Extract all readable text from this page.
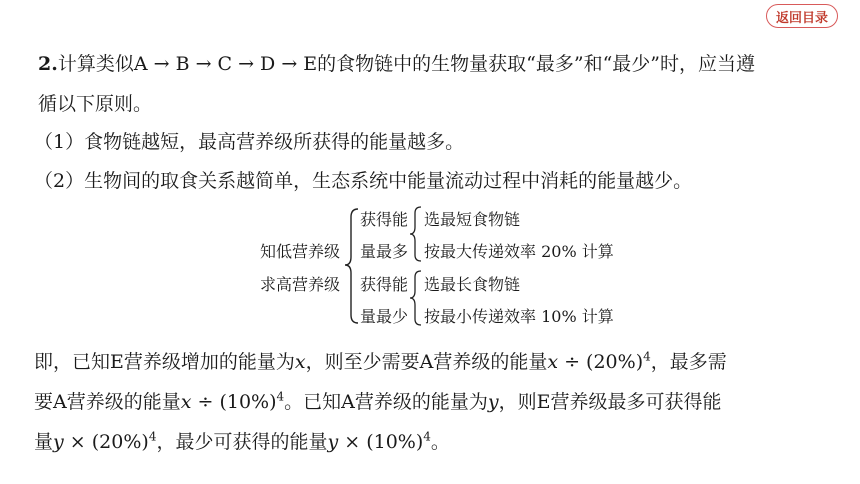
返回目录
2.计算类似A → B → C → D → E的食物链中的生物量获取“最多”和“最少”时，应当遵
循以下原则。
（1）食物链越短，最高营养级所获得的能量越多。
（2）生物间的取食关系越简单，生态系统中能量流动过程中消耗的能量越少。
知低营养级
求高营养级
获得能
量最多
获得能
量最少
选最短食物链
按最大传递效率 20% 计算
选最长食物链
按最小传递效率 10% 计算
即，已知E营养级增加的能量为x，则至少需要A营养级的能量$x \div (20\%)^4$，最多需
要A营养级的能量$x \div (10\%)^4$。已知A营养级的能量为y，则E营养级最多可获得能
量$y \times (20\%)^4$，最少可获得的能量$y \times (10\%)^4$。
